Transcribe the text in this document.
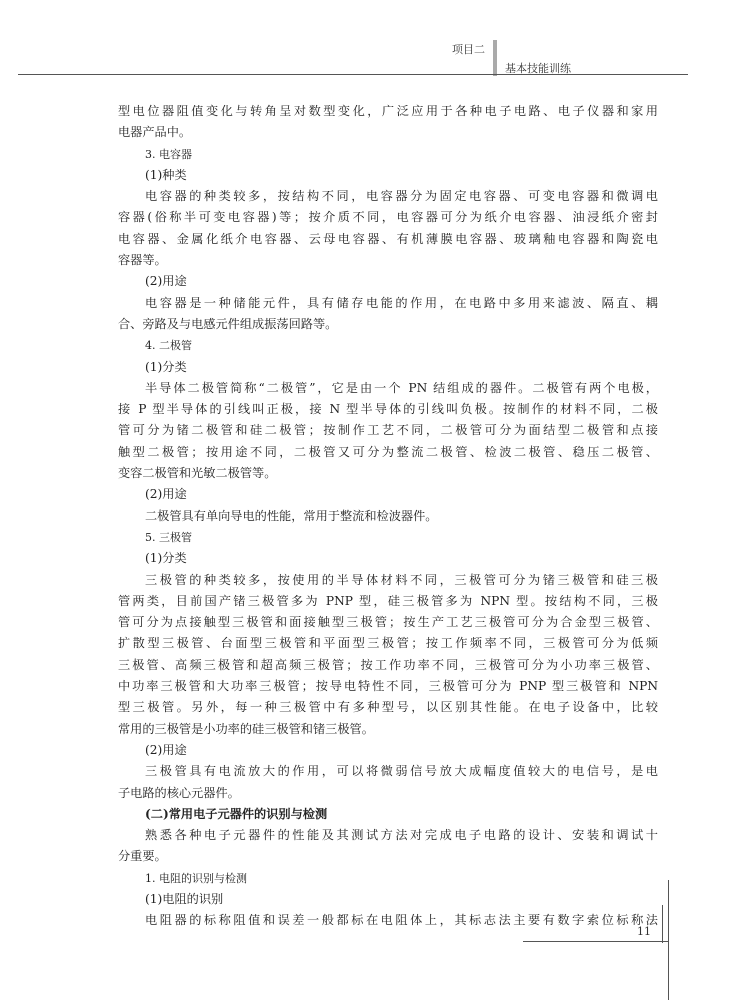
项目二
基本技能训练
型电位器阻值变化与转角呈对数型变化，广泛应用于各种电子电路、电子仪器和家用
电器产品中。
3. 电容器
(1)种类
电容器的种类较多，按结构不同，电容器分为固定电容器、可变电容器和微调电
容器(俗称半可变电容器)等；按介质不同，电容器可分为纸介电容器、油浸纸介密封
电容器、金属化纸介电容器、云母电容器、有机薄膜电容器、玻璃釉电容器和陶瓷电
容器等。
(2)用途
电容器是一种储能元件，具有储存电能的作用，在电路中多用来滤波、隔直、耦
合、旁路及与电感元件组成振荡回路等。
4. 二极管
(1)分类
半导体二极管简称“二极管”，它是由一个 PN 结组成的器件。二极管有两个电极，
接 P 型半导体的引线叫正极，接 N 型半导体的引线叫负极。按制作的材料不同，二极
管可分为锗二极管和硅二极管；按制作工艺不同，二极管可分为面结型二极管和点接
触型二极管；按用途不同，二极管又可分为整流二极管、检波二极管、稳压二极管、
变容二极管和光敏二极管等。
(2)用途
二极管具有单向导电的性能，常用于整流和检波器件。
5. 三极管
(1)分类
三极管的种类较多，按使用的半导体材料不同，三极管可分为锗三极管和硅三极
管两类，目前国产锗三极管多为 PNP 型，硅三极管多为 NPN 型。按结构不同，三极
管可分为点接触型三极管和面接触型三极管；按生产工艺三极管可分为合金型三极管、
扩散型三极管、台面型三极管和平面型三极管；按工作频率不同，三极管可分为低频
三极管、高频三极管和超高频三极管；按工作功率不同，三极管可分为小功率三极管、
中功率三极管和大功率三极管；按导电特性不同，三极管可分为 PNP 型三极管和 NPN
型三极管。另外，每一种三极管中有多种型号，以区别其性能。在电子设备中，比较
常用的三极管是小功率的硅三极管和锗三极管。
(2)用途
三极管具有电流放大的作用，可以将微弱信号放大成幅度值较大的电信号，是电
子电路的核心元器件。
(二)常用电子元器件的识别与检测
熟悉各种电子元器件的性能及其测试方法对完成电子电路的设计、安装和调试十
分重要。
1. 电阻的识别与检测
(1)电阻的识别
电阻器的标称阻值和误差一般都标在电阻体上，其标志法主要有数字索位标称法
11
